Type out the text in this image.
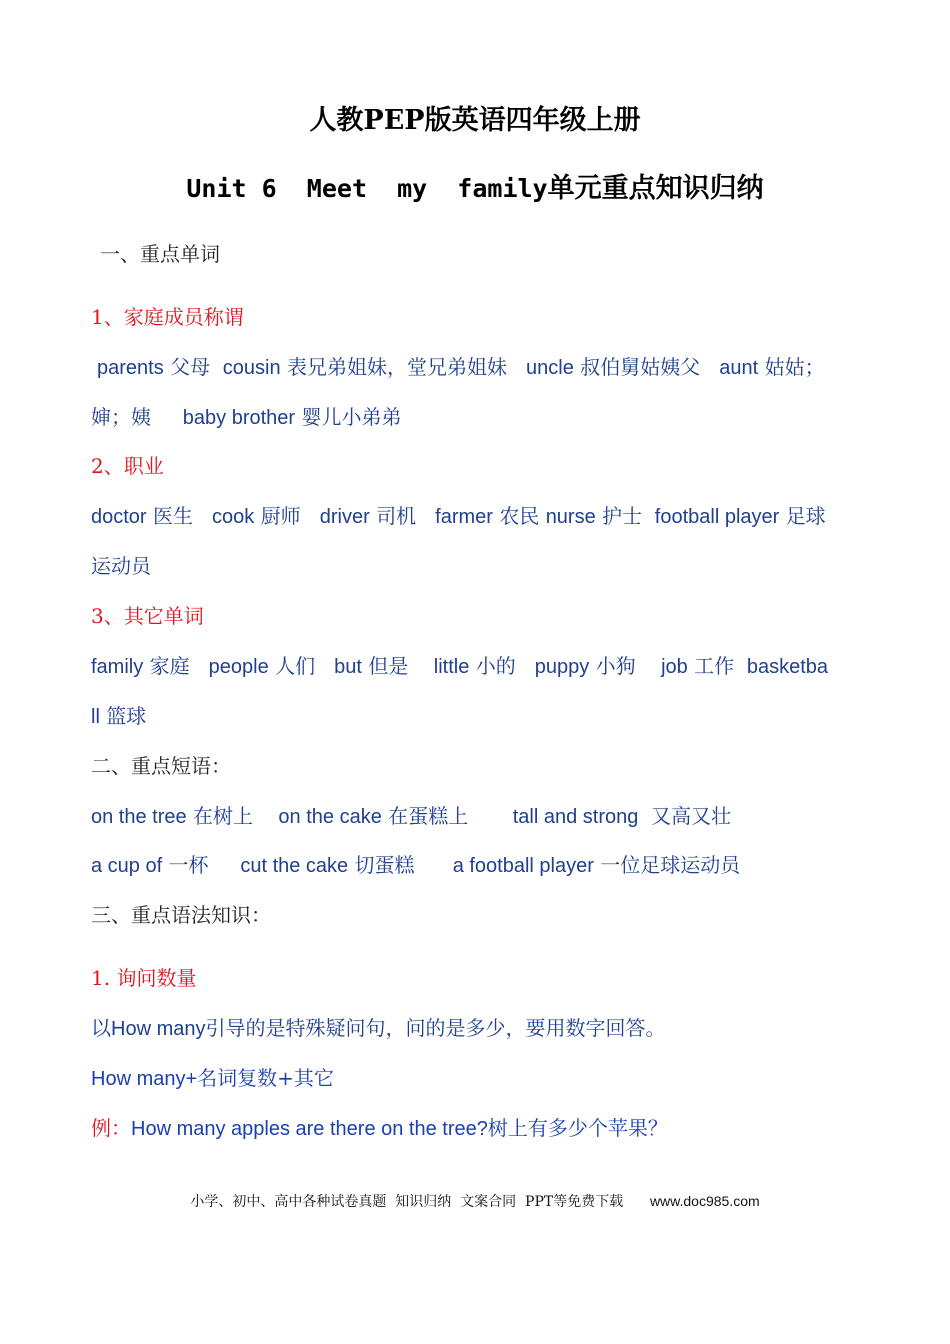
人教PEP版英语四年级上册
Unit 6  Meet  my  family单元重点知识归纳
一、重点单词
1、家庭成员称谓
parents 父母 cousin 表兄弟姐妹，堂兄弟姐妹 uncle 叔伯舅姑姨父 aunt 姑姑；
婶；姨 baby brother 婴儿小弟弟
2、职业
doctor 医生 cook 厨师 driver 司机 farmer 农民 nurse 护士 football player 足球
运动员
3、其它单词
family 家庭 people 人们 but 但是 little 小的 puppy 小狗 job 工作 basketba
ll 篮球
二、重点短语：
on the tree 在树上 on the cake 在蛋糕上 tall and strong 又高又壮
a cup of 一杯 cut the cake 切蛋糕 a football player 一位足球运动员
三、重点语法知识：
1. 询问数量
以How many引导的是特殊疑问句，问的是多少，要用数字回答。
How many+名词复数+其它
例：How many apples are there on the tree?树上有多少个苹果？
小学、初中、高中各种试卷真题  知识归纳  文案合同  PPT等免费下载 www.doc985.com
